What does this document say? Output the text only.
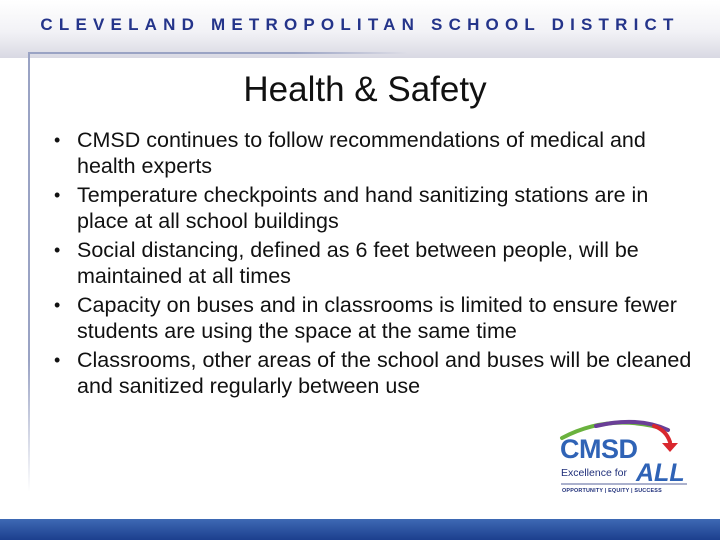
CLEVELAND METROPOLITAN SCHOOL DISTRICT
Health & Safety
• CMSD continues to follow recommendations of medical and health experts
• Temperature checkpoints and hand sanitizing stations are in place at all school buildings
• Social distancing, defined as 6 feet between people, will be maintained at all times
• Capacity on buses and in classrooms is limited to ensure fewer students are using the space at the same time
• Classrooms, other areas of the school and buses will be cleaned and sanitized regularly between use
CMSD
Excellence for ALL
OPPORTUNITY | EQUITY | SUCCESS
